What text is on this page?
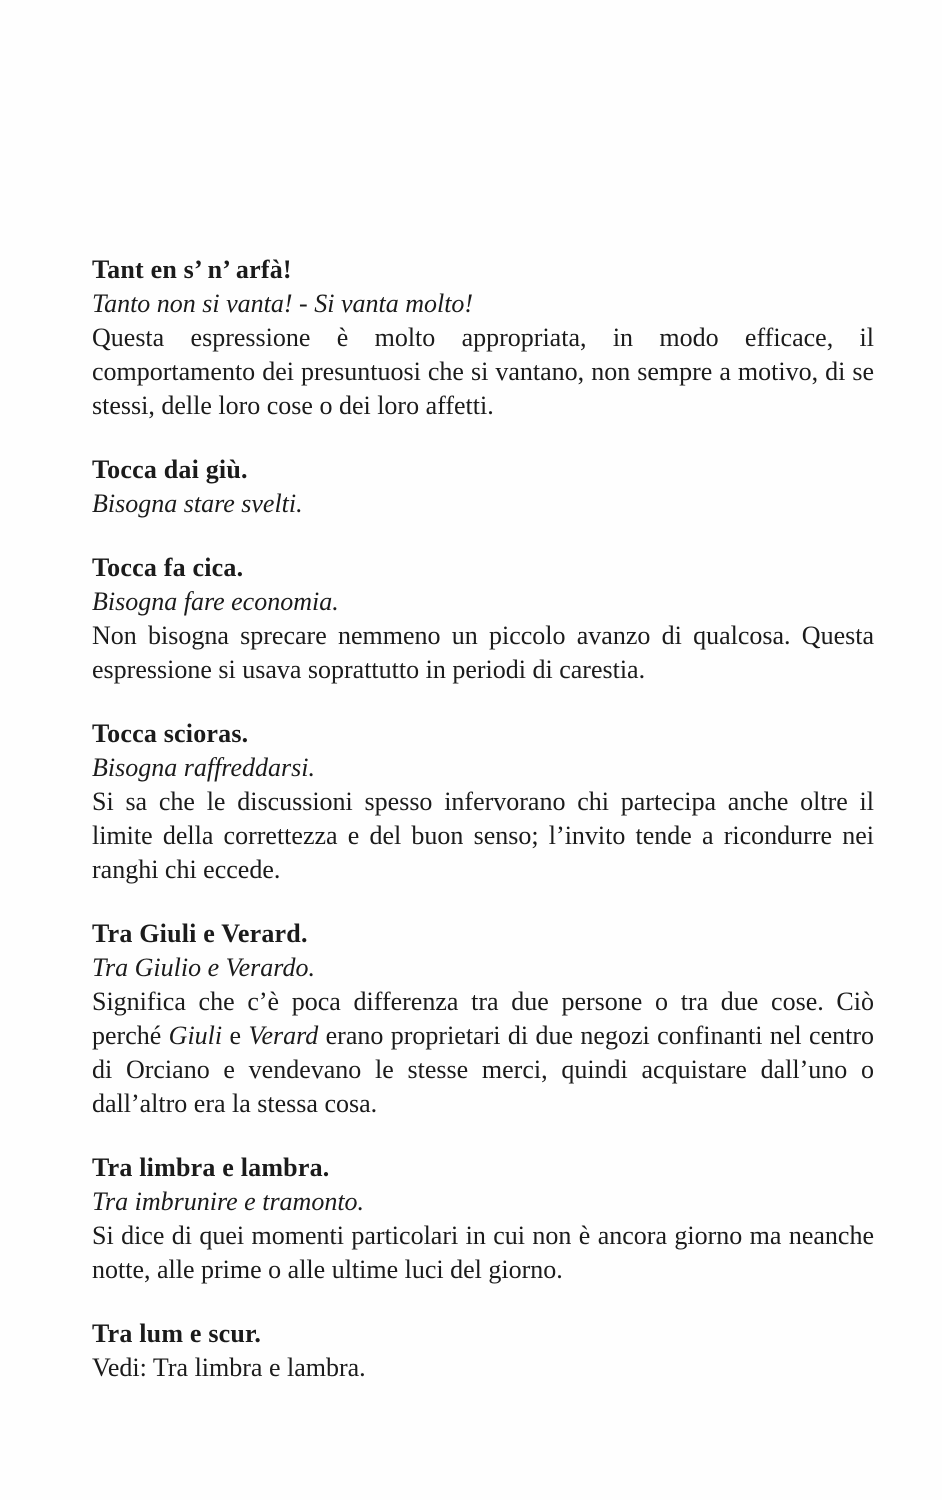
Tant en s’ n’ arfà!

Tanto non si vanta! - Si vanta molto!

Questa espressione è molto appropriata, in modo efficace, il comportamento dei presuntuosi che si vantano, non sempre a motivo, di se stessi, delle loro cose o dei loro affetti.

Tocca dai giù.

Bisogna stare svelti.

Tocca fa cica.

Bisogna fare economia.

Non bisogna sprecare nemmeno un piccolo avanzo di qualcosa. Questa espressione si usava soprattutto in periodi di carestia.

Tocca scioras.

Bisogna raffreddarsi.

Si sa che le discussioni spesso infervorano chi partecipa anche oltre il limite della correttezza e del buon senso; l’invito tende a ricondurre nei ranghi chi eccede.

Tra Giuli e Verard.

Tra Giulio e Verardo.

Significa che c’è poca differenza tra due persone o tra due cose. Ciò perché Giuli e Verard erano proprietari di due negozi confinanti nel centro di Orciano e vendevano le stesse merci, quindi acquistare dall’uno o dall’altro era la stessa cosa.

Tra limbra e lambra.

Tra imbrunire e tramonto.

Si dice di quei momenti particolari in cui non è ancora giorno ma neanche notte, alle prime o alle ultime luci del giorno.

Tra lum e scur.

Vedi: Tra limbra e lambra.
